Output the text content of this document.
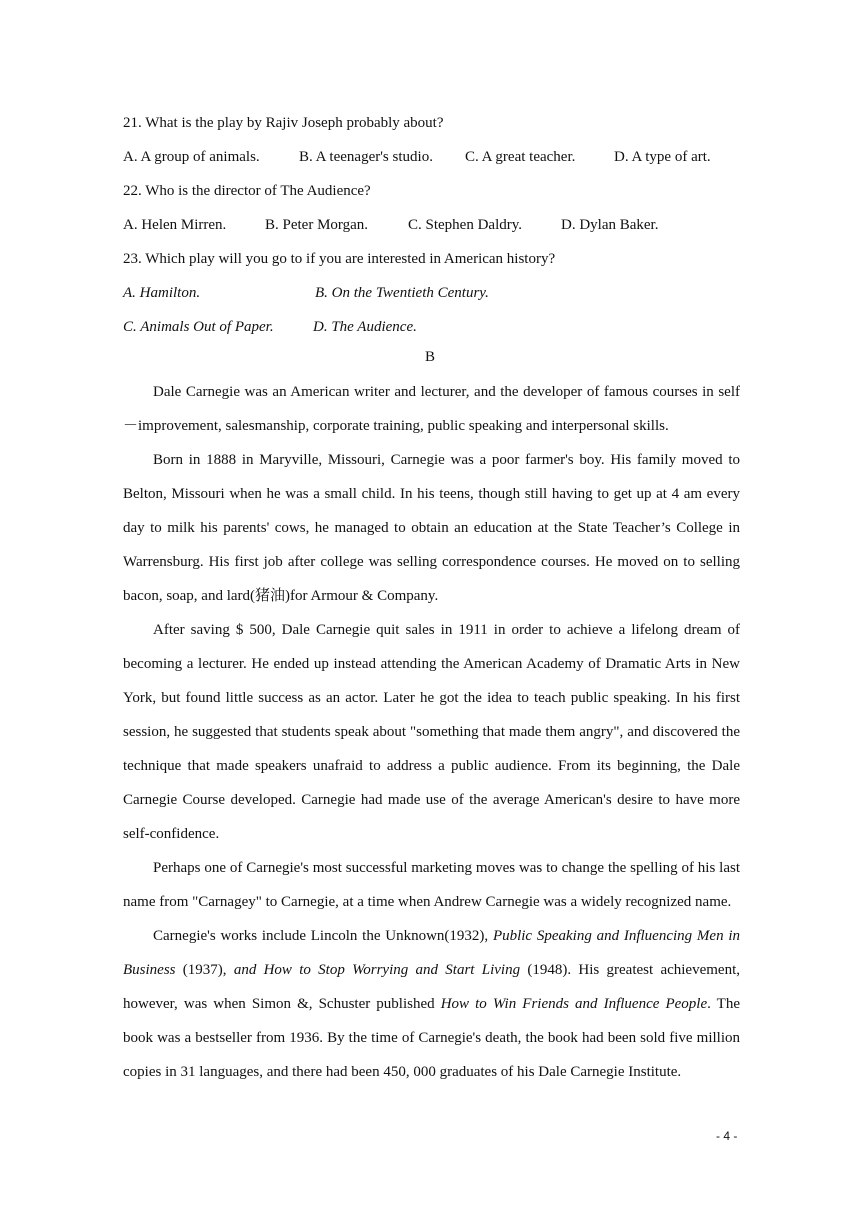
21. What is the play by Rajiv Joseph probably about?
A. A group of animals.	B. A teenager's studio. C. A great teacher.	D. A type of art.
22. Who is the director of The Audience?
A. Helen Mirren.	B. Peter Morgan.	C. Stephen Daldry.	D. Dylan Baker.
23. Which play will you go to if you are interested in American history?
A. Hamilton.	B. On the Twentieth Century.
C. Animals Out of Paper.	D. The Audience.
B

Dale Carnegie was an American writer and lecturer, and the developer of famous courses in self－improvement, salesmanship, corporate training, public speaking and interpersonal skills.

Born in 1888 in Maryville, Missouri, Carnegie was a poor farmer's boy. His family moved to Belton, Missouri when he was a small child. In his teens, though still having to get up at 4 am every day to milk his parents' cows, he managed to obtain an education at the State Teacher’s College in Warrensburg. His first job after college was selling correspondence courses. He moved on to selling bacon, soap, and lard(猪油)for Armour & Company.

After saving $ 500, Dale Carnegie quit sales in 1911 in order to achieve a lifelong dream of becoming a lecturer. He ended up instead attending the American Academy of Dramatic Arts in New York, but found little success as an actor. Later he got the idea to teach public speaking. In his first session, he suggested that students speak about "something that made them angry", and discovered the technique that made speakers unafraid to address a public audience. From its beginning, the Dale Carnegie Course developed. Carnegie had made use of the average American's desire to have more self-confidence.

Perhaps one of Carnegie's most successful marketing moves was to change the spelling of his last name from "Carnagey" to Carnegie, at a time when Andrew Carnegie was a widely recognized name.

Carnegie's works include Lincoln the Unknown(1932), Public Speaking and Influencing Men in Business (1937), and How to Stop Worrying and Start Living (1948). His greatest achievement, however, was when Simon &, Schuster published How to Win Friends and Influence People. The book was a bestseller from 1936. By the time of Carnegie's death, the book had been sold five million copies in 31 languages, and there had been 450, 000 graduates of his Dale Carnegie Institute.

- 4 -
